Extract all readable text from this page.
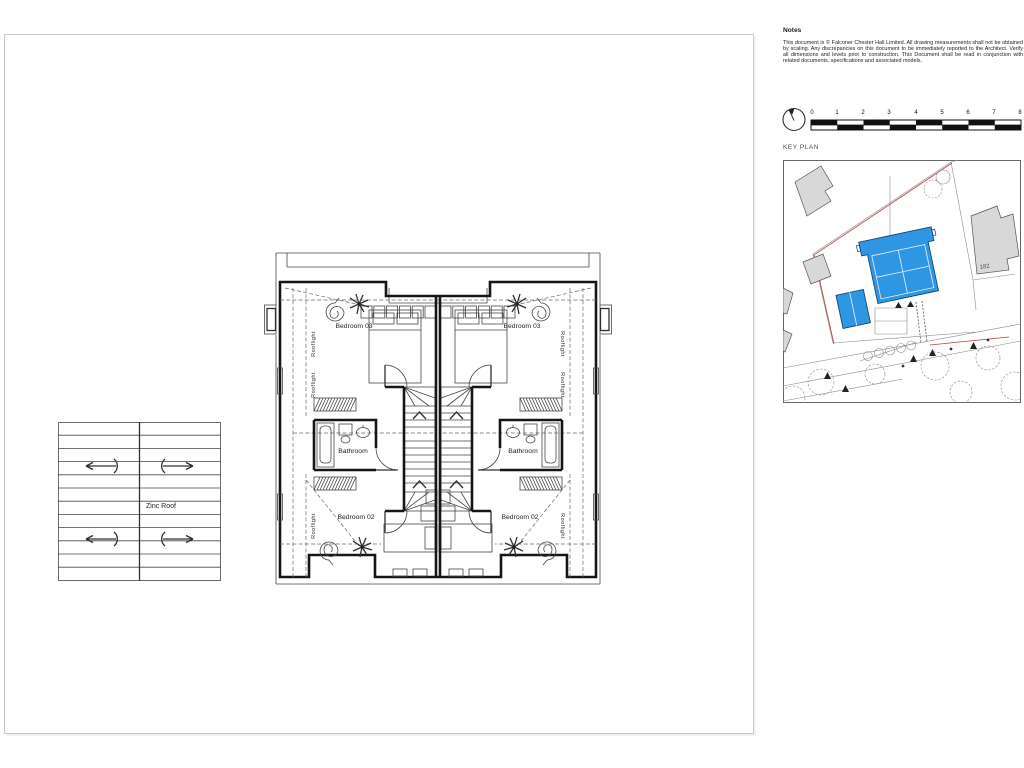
Zinc Roof
Bedroom 03	Bedroom 03
Bathroom	Bathroom
Bedroom 02	Bedroom 02
Rooflight
Rooflight
Rooflight
Rooflight
Rooflight
Rooflight
Notes
This document is © Falconer Chester Hall Limited. All drawing measurements shall not be obtained by scaling. Any discrepancies on this document to be immediately reported to the Architect. Verify all dimensions and levels prior to construction. This Document shall be read in conjunction with related documents, specifications and associated models.
0	1	2	3	4	5	6	7	8
KEY PLAN
182
